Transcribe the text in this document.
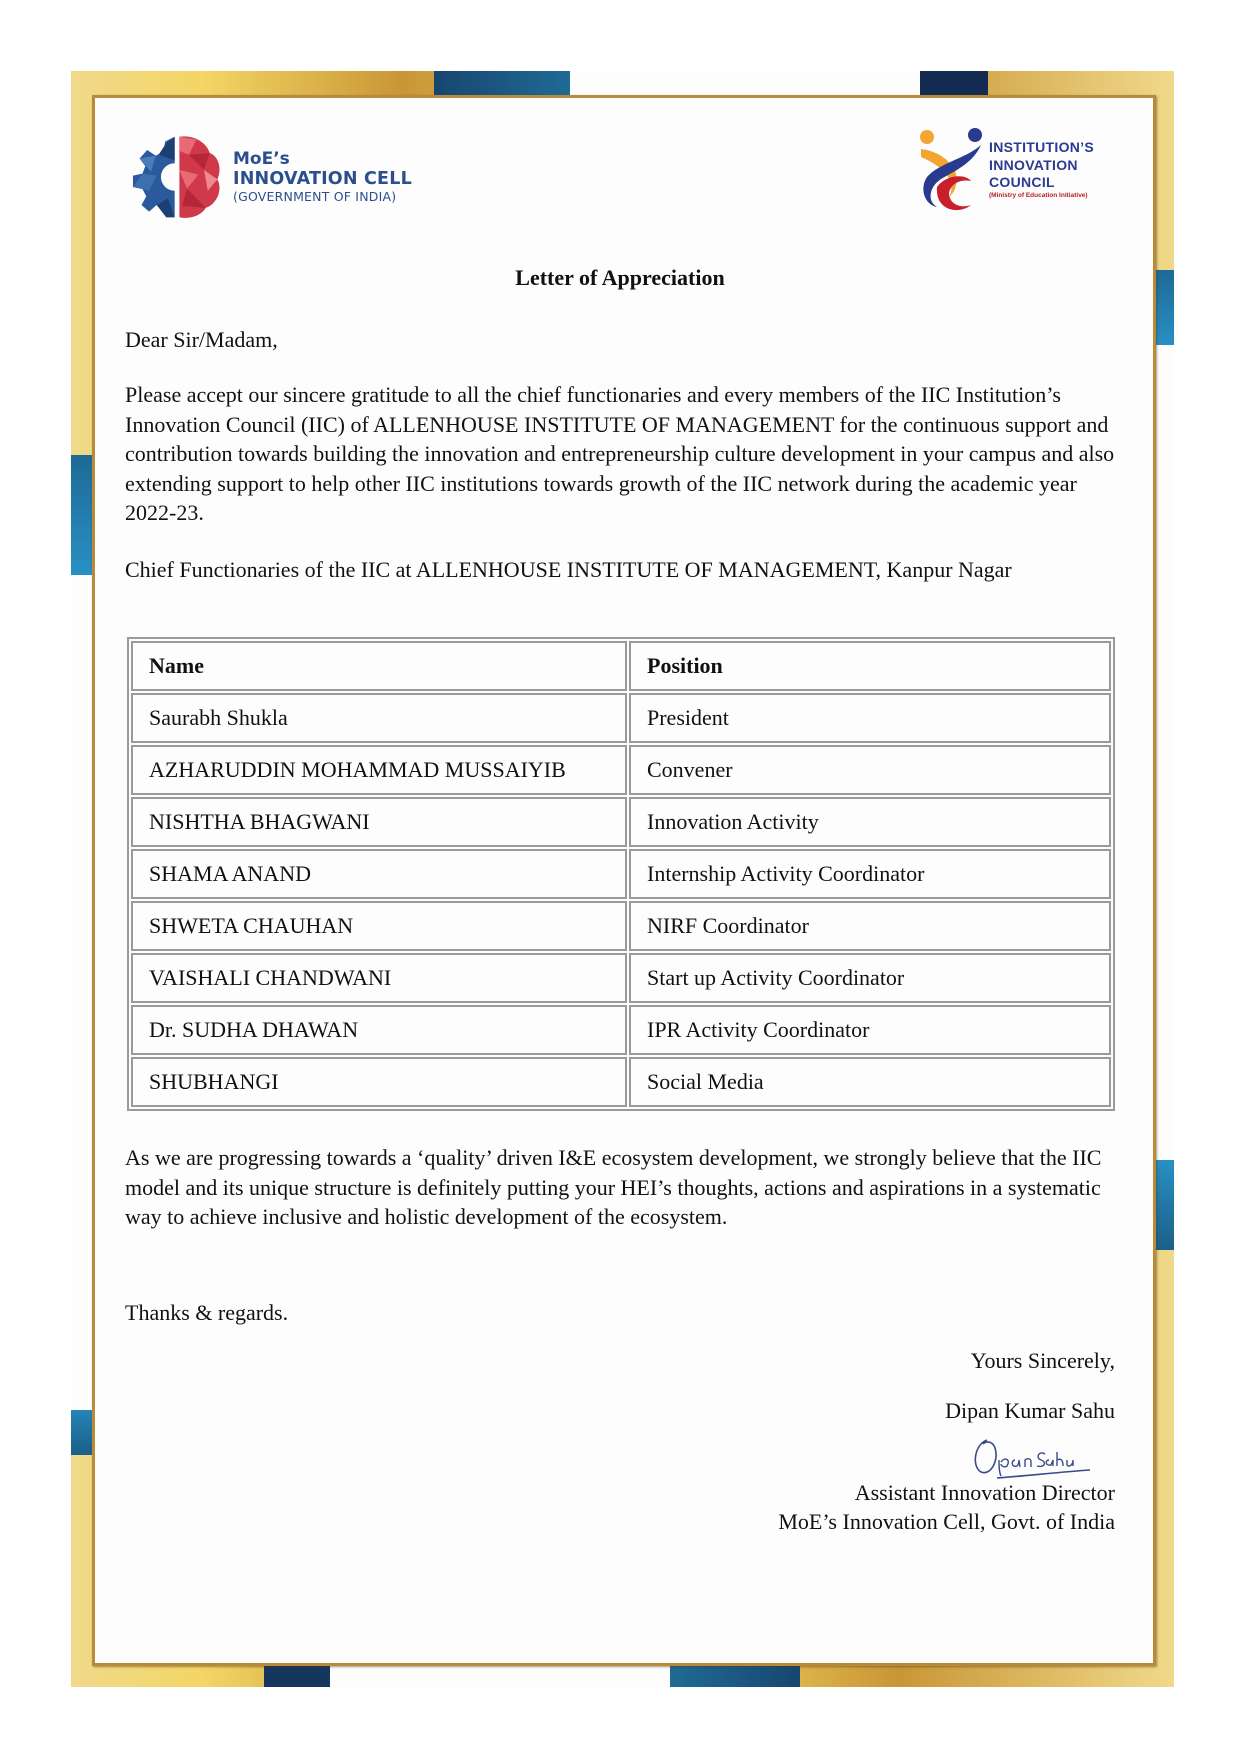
MoE’s
INNOVATION CELL
(GOVERNMENT OF INDIA)
INSTITUTION’S
INNOVATION
COUNCIL
(Ministry of Education Initiative)
Letter of Appreciation
Dear Sir/Madam,
Please accept our sincere gratitude to all the chief functionaries and every members of the IIC Institution’s Innovation Council (IIC) of ALLENHOUSE INSTITUTE OF MANAGEMENT for the continuous support and contribution towards building the innovation and entrepreneurship culture development in your campus and also extending support to help other IIC institutions towards growth of the IIC network during the academic year 2022-23.
Chief Functionaries of the IIC at ALLENHOUSE INSTITUTE OF MANAGEMENT, Kanpur Nagar
Name	Position
Saurabh Shukla	President
AZHARUDDIN MOHAMMAD MUSSAIYIB	Convener
NISHTHA BHAGWANI	Innovation Activity
SHAMA ANAND	Internship Activity Coordinator
SHWETA CHAUHAN	NIRF Coordinator
VAISHALI CHANDWANI	Start up Activity Coordinator
Dr. SUDHA DHAWAN	IPR Activity Coordinator
SHUBHANGI	Social Media
As we are progressing towards a ‘quality’ driven I&E ecosystem development, we strongly believe that the IIC model and its unique structure is definitely putting your HEI’s thoughts, actions and aspirations in a systematic way to achieve inclusive and holistic development of the ecosystem.
Thanks & regards.
Yours Sincerely,
Dipan Kumar Sahu
Assistant Innovation Director
MoE’s Innovation Cell, Govt. of India
